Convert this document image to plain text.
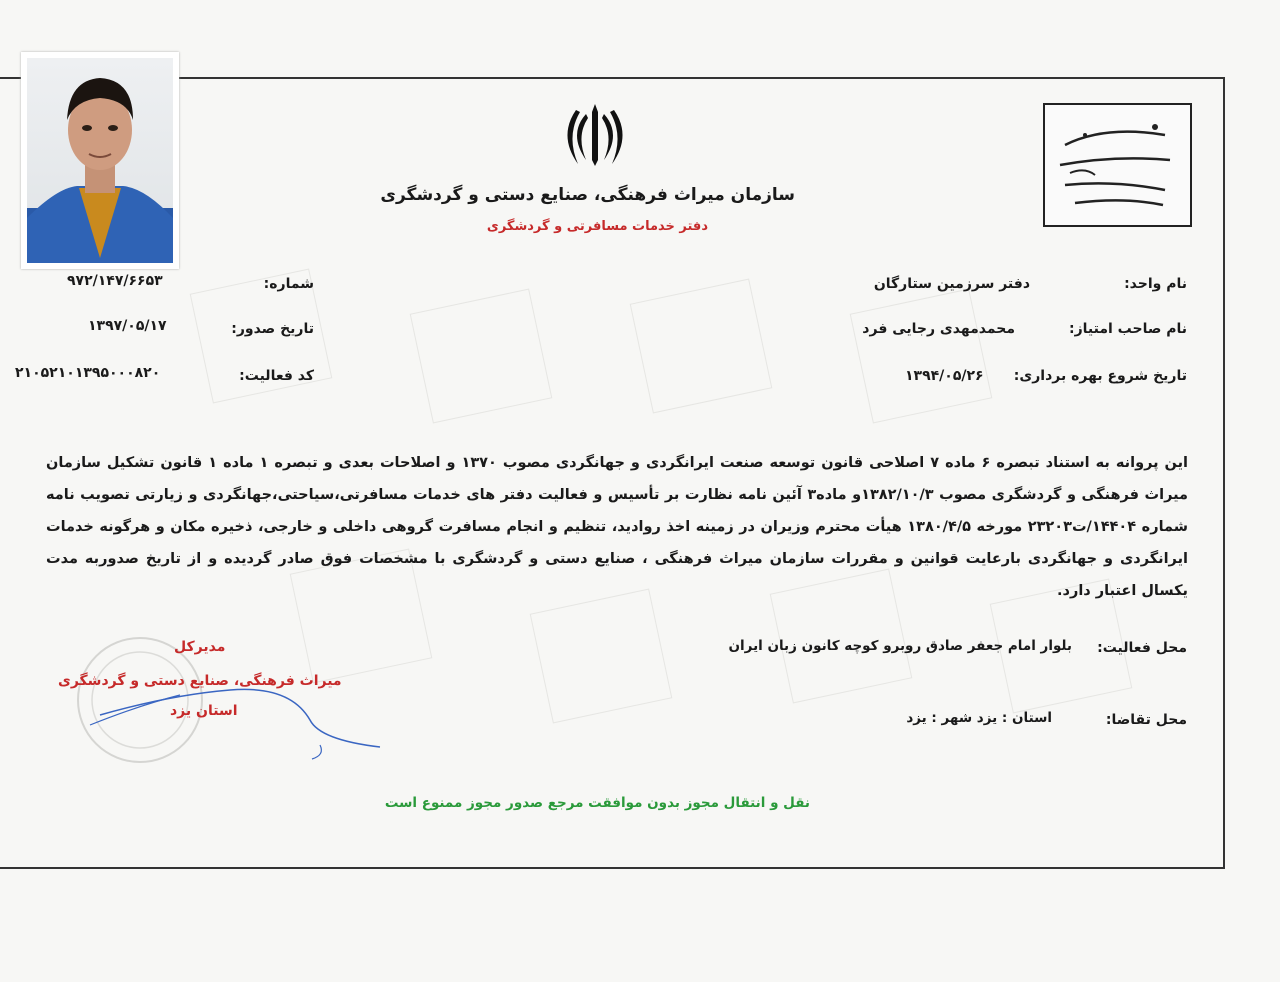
سازمان میراث فرهنگی، صنایع دستی و گردشگری
دفتر خدمات مسافرتی و گردشگری
نام واحد:
دفتر سرزمین ستارگان
نام صاحب امتیاز:
محمدمهدی رجایی فرد
تاریخ شروع بهره برداری:
۱۳۹۴/۰۵/۲۶
شماره:
۹۷۲/۱۴۷/۶۶۵۳
تاریخ صدور:
۱۳۹۷/۰۵/۱۷
کد فعالیت:
۲۱۰۵۲۱۰۱۳۹۵۰۰۰۸۲۰
این پروانه به استناد تبصره ۶ ماده ۷ اصلاحی قانون توسعه صنعت ایرانگردی و جهانگردی مصوب ۱۳۷۰ و اصلاحات بعدی و تبصره ۱ ماده ۱ قانون تشکیل سازمان میراث فرهنگی و گردشگری مصوب ۱۳۸۲/۱۰/۳و ماده۳ آئین نامه نظارت بر تأسیس و فعالیت دفتر های خدمات مسافرتی،سیاحتی،جهانگردی و زیارتی تصویب نامه شماره ۱۴۴۰۴/ت۲۳۲۰۳ مورخه ۱۳۸۰/۴/۵ هیأت محترم وزیران در زمینه اخذ روادید، تنظیم و انجام مسافرت گروهی داخلی و خارجی، ذخیره مکان و هرگونه خدمات ایرانگردی و جهانگردی بارعایت قوانین و مقررات سازمان میراث فرهنگی ، صنایع دستی و گردشگری با مشخصات فوق صادر گردیده و از تاریخ صدوربه مدت یکسال اعتبار دارد.
محل فعالیت:
بلوار امام جعفر صادق روبرو کوچه کانون زبان ایران
محل تقاضا:
استان : یزد شهر : یزد
مدیرکل
میراث فرهنگی، صنایع دستی و گردشگری
استان یزد
نقل و انتقال مجوز بدون موافقت مرجع صدور مجوز ممنوع است
